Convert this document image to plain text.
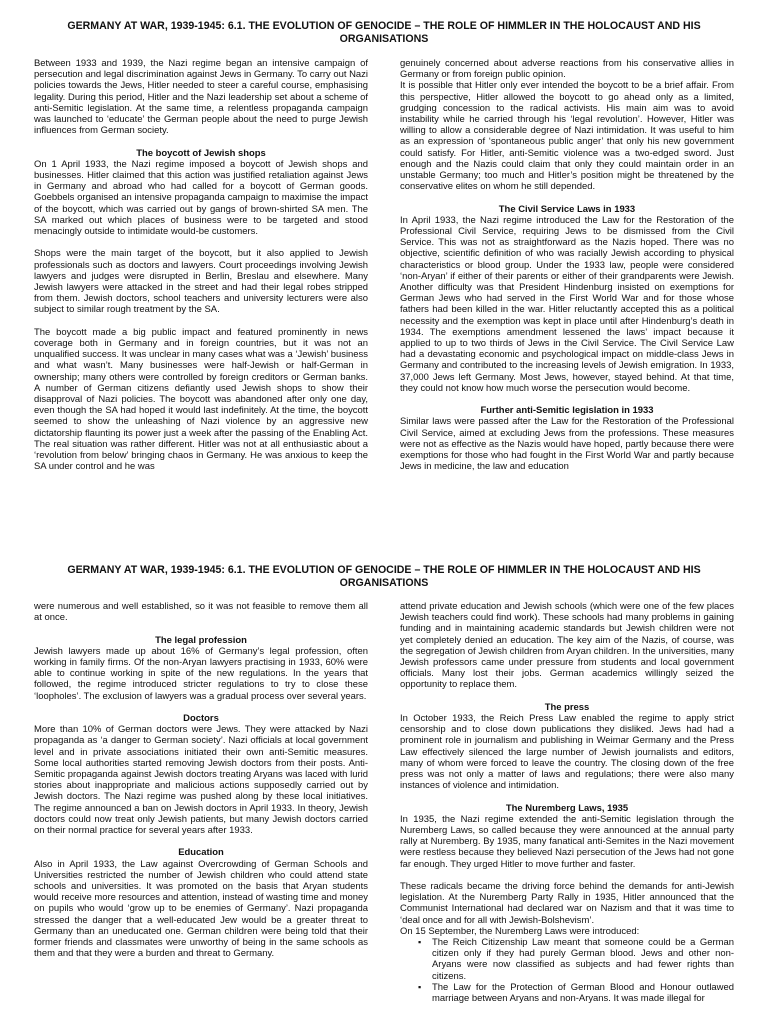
GERMANY AT WAR, 1939-1945: 6.1. THE EVOLUTION OF GENOCIDE – THE ROLE OF HIMMLER IN THE HOLOCAUST AND HIS ORGANISATIONS

Between 1933 and 1939, the Nazi regime began an intensive campaign of persecution and legal discrimination against Jews in Germany. To carry out Nazi policies towards the Jews, Hitler needed to steer a careful course, emphasising legality. During this period, Hitler and the Nazi leadership set about a scheme of anti-Semitic legislation. At the same time, a relentless propaganda campaign was launched to ‘educate’ the German people about the need to purge Jewish influences from German society.

The boycott of Jewish shops

On 1 April 1933, the Nazi regime imposed a boycott of Jewish shops and businesses. Hitler claimed that this action was justified retaliation against Jews in Germany and abroad who had called for a boycott of German goods. Goebbels organised an intensive propaganda campaign to maximise the impact of the boycott, which was carried out by gangs of brown-shirted SA men. The SA marked out which places of business were to be targeted and stood menacingly outside to intimidate would-be customers.

Shops were the main target of the boycott, but it also applied to Jewish professionals such as doctors and lawyers. Court proceedings involving Jewish lawyers and judges were disrupted in Berlin, Breslau and elsewhere. Many Jewish lawyers were attacked in the street and had their legal robes stripped from them. Jewish doctors, school teachers and university lecturers were also subject to similar rough treatment by the SA.

The boycott made a big public impact and featured prominently in news coverage both in Germany and in foreign countries, but it was not an unqualified success. It was unclear in many cases what was a ‘Jewish’ business and what wasn’t. Many businesses were half-Jewish or half-German in ownership; many others were controlled by foreign creditors or German banks. A number of German citizens defiantly used Jewish shops to show their disapproval of Nazi policies. The boycott was abandoned after only one day, even though the SA had hoped it would last indefinitely. At the time, the boycott seemed to show the unleashing of Nazi violence by an aggressive new dictatorship flaunting its power just a week after the passing of the Enabling Act. The real situation was rather different. Hitler was not at all enthusiastic about a ‘revolution from below’ bringing chaos in Germany. He was anxious to keep the SA under control and he was

genuinely concerned about adverse reactions from his conservative allies in Germany or from foreign public opinion.

It is possible that Hitler only ever intended the boycott to be a brief affair. From this perspective, Hitler allowed the boycott to go ahead only as a limited, grudging concession to the radical activists. His main aim was to avoid instability while he carried through his ‘legal revolution’. However, Hitler was willing to allow a considerable degree of Nazi intimidation. It was useful to him as an expression of ‘spontaneous public anger’ that only his new government could satisfy. For Hitler, anti-Semitic violence was a two-edged sword. Just enough and the Nazis could claim that only they could maintain order in an unstable Germany; too much and Hitler’s position might be threatened by the conservative elites on whom he still depended.

The Civil Service Laws in 1933

In April 1933, the Nazi regime introduced the Law for the Restoration of the Professional Civil Service, requiring Jews to be dismissed from the Civil Service. This was not as straightforward as the Nazis hoped. There was no objective, scientific definition of who was racially Jewish according to physical characteristics or blood group. Under the 1933 law, people were considered ‘non-Aryan’ if either of their parents or either of their grandparents were Jewish. Another difficulty was that President Hindenburg insisted on exemptions for German Jews who had served in the First World War and for those whose fathers had been killed in the war. Hitler reluctantly accepted this as a political necessity and the exemption was kept in place until after Hindenburg’s death in 1934. The exemptions amendment lessened the laws’ impact because it applied to up to two thirds of Jews in the Civil Service. The Civil Service Law had a devastating economic and psychological impact on middle-class Jews in Germany and contributed to the increasing levels of Jewish emigration. In 1933, 37,000 Jews left Germany. Most Jews, however, stayed behind. At that time, they could not know how much worse the persecution would become.

Further anti-Semitic legislation in 1933

Similar laws were passed after the Law for the Restoration of the Professional Civil Service, aimed at excluding Jews from the professions. These measures were not as effective as the Nazis would have hoped, partly because there were exemptions for those who had fought in the First World War and partly because Jews in medicine, the law and education

GERMANY AT WAR, 1939-1945: 6.1. THE EVOLUTION OF GENOCIDE – THE ROLE OF HIMMLER IN THE HOLOCAUST AND HIS ORGANISATIONS

were numerous and well established, so it was not feasible to remove them all at once.

The legal profession

Jewish lawyers made up about 16% of Germany’s legal profession, often working in family firms. Of the non-Aryan lawyers practising in 1933, 60% were able to continue working in spite of the new regulations. In the years that followed, the regime introduced stricter regulations to try to close these ‘loopholes’. The exclusion of lawyers was a gradual process over several years.

Doctors

More than 10% of German doctors were Jews. They were attacked by Nazi propaganda as ‘a danger to German society’. Nazi officials at local government level and in private associations initiated their own anti-Semitic measures. Some local authorities started removing Jewish doctors from their posts. Anti-Semitic propaganda against Jewish doctors treating Aryans was laced with lurid stories about inappropriate and malicious actions supposedly carried out by Jewish doctors. The Nazi regime was pushed along by these local initiatives. The regime announced a ban on Jewish doctors in April 1933. In theory, Jewish doctors could now treat only Jewish patients, but many Jewish doctors carried on their normal practice for several years after 1933.

Education

Also in April 1933, the Law against Overcrowding of German Schools and Universities restricted the number of Jewish children who could attend state schools and universities. It was promoted on the basis that Aryan students would receive more resources and attention, instead of wasting time and money on pupils who would ‘grow up to be enemies of Germany’. Nazi propaganda stressed the danger that a well-educated Jew would be a greater threat to Germany than an uneducated one. German children were being told that their former friends and classmates were unworthy of being in the same schools as them and that they were a burden and threat to Germany.

attend private education and Jewish schools (which were one of the few places Jewish teachers could find work). These schools had many problems in gaining funding and in maintaining academic standards but Jewish children were not yet completely denied an education. The key aim of the Nazis, of course, was the segregation of Jewish children from Aryan children. In the universities, many Jewish professors came under pressure from students and local government officials. Many lost their jobs. German academics willingly seized the opportunity to replace them.

The press

In October 1933, the Reich Press Law enabled the regime to apply strict censorship and to close down publications they disliked. Jews had had a prominent role in journalism and publishing in Weimar Germany and the Press Law effectively silenced the large number of Jewish journalists and editors, many of whom were forced to leave the country. The closing down of the free press was not only a matter of laws and regulations; there were also many instances of violence and intimidation.

The Nuremberg Laws, 1935

In 1935, the Nazi regime extended the anti-Semitic legislation through the Nuremberg Laws, so called because they were announced at the annual party rally at Nuremberg. By 1935, many fanatical anti-Semites in the Nazi movement were restless because they believed Nazi persecution of the Jews had not gone far enough. They urged Hitler to move further and faster.

These radicals became the driving force behind the demands for anti-Jewish legislation. At the Nuremberg Party Rally in 1935, Hitler announced that the Communist International had declared war on Nazism and that it was time to ‘deal once and for all with Jewish-Bolshevism’.

On 15 September, the Nuremberg Laws were introduced:

▪ The Reich Citizenship Law meant that someone could be a German citizen only if they had purely German blood. Jews and other non-Aryans were now classified as subjects and had fewer rights than citizens.
▪ The Law for the Protection of German Blood and Honour outlawed marriage between Aryans and non-Aryans. It was made illegal for
